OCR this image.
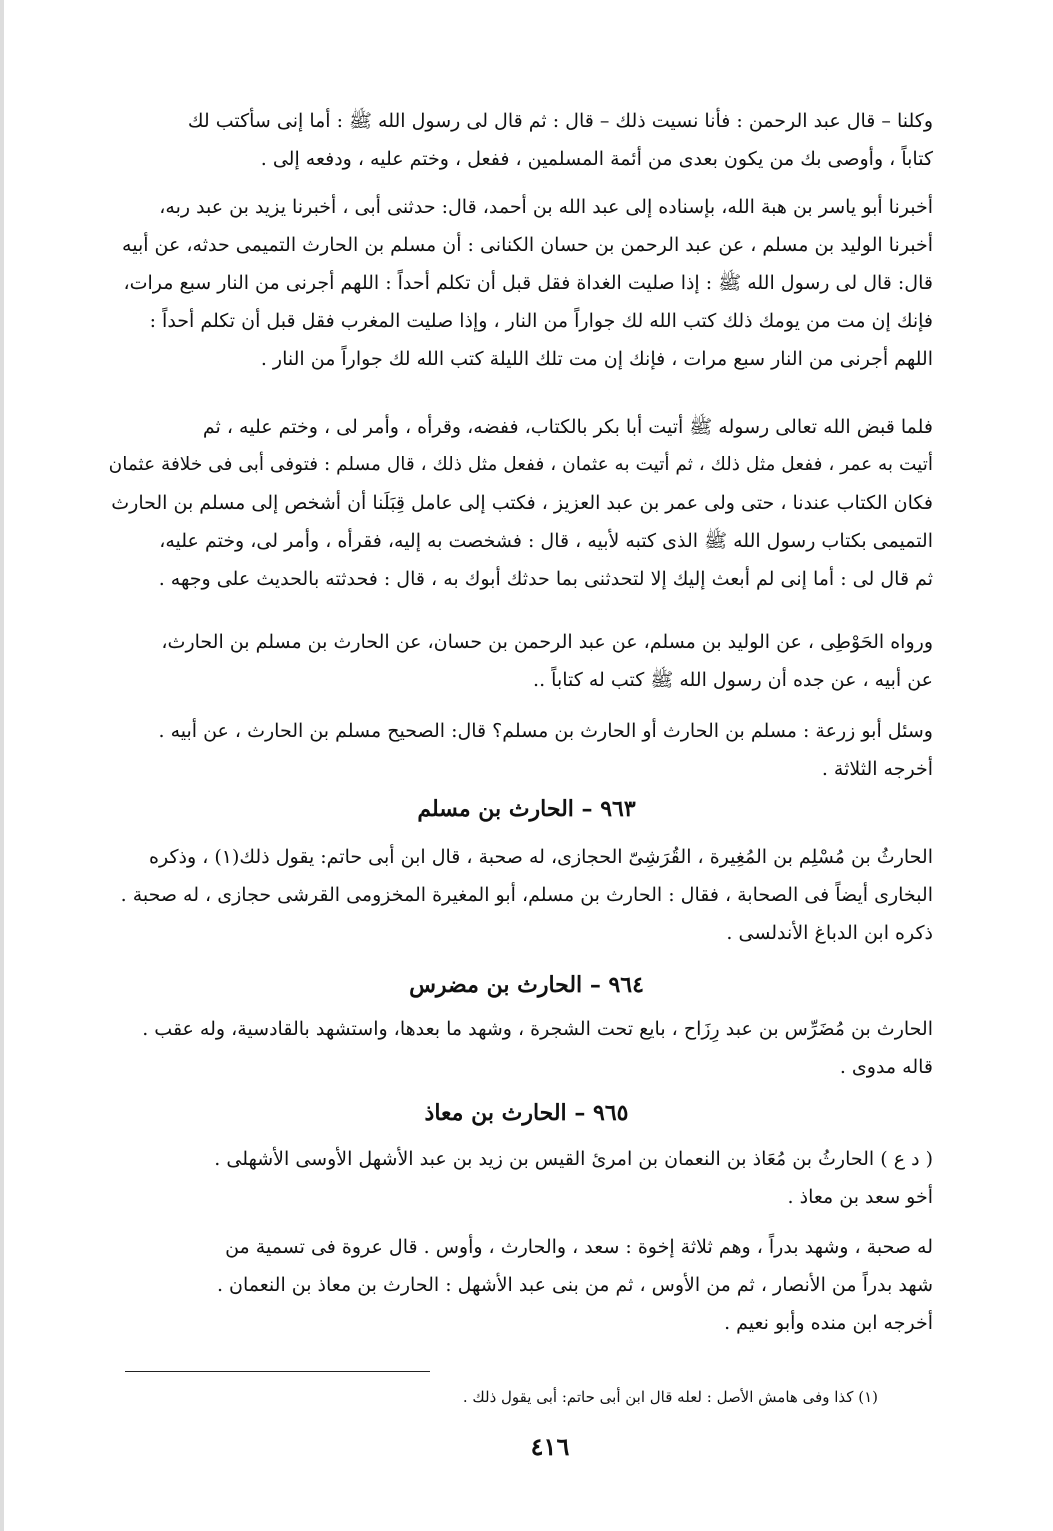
وكلنا – قال عبد الرحمن : فأنا نسيت ذلك – قال : ثم قال لى رسول الله ﷺ : أما إنى سأكتب لك
كتاباً ، وأوصى بك من يكون بعدى من أئمة المسلمين ، ففعل ، وختم عليه ، ودفعه إلى .
أخبرنا أبو ياسر بن هبة الله، بإسناده إلى عبد الله بن أحمد، قال: حدثنى أبى ، أخبرنا يزيد بن عبد ربه،
أخبرنا الوليد بن مسلم ، عن عبد الرحمن بن حسان الكنانى : أن مسلم بن الحارث التميمى حدثه، عن أبيه
قال: قال لى رسول الله ﷺ : إذا صليت الغداة فقل قبل أن تكلم أحداً : اللهم أجرنى من النار سبع مرات،
فإنك إن مت من يومك ذلك كتب الله لك جواراً من النار ، وإذا صليت المغرب فقل قبل أن تكلم أحداً :
اللهم أجرنى من النار سبع مرات ، فإنك إن مت تلك الليلة كتب الله لك جواراً من النار .
فلما قبض الله تعالى رسوله ﷺ أتيت أبا بكر بالكتاب، ففضه، وقرأه ، وأمر لى ، وختم عليه ، ثم
أتيت به عمر ، ففعل مثل ذلك ، ثم أتيت به عثمان ، ففعل مثل ذلك ، قال مسلم : فتوفى أبى فى خلافة عثمان
فكان الكتاب عندنا ، حتى ولى عمر بن عبد العزيز ، فكتب إلى عامل قِبَلَنا أن أشخص إلى مسلم بن الحارث
التميمى بكتاب رسول الله ﷺ الذى كتبه لأبيه ، قال : فشخصت به إليه، فقرأه ، وأمر لى، وختم عليه،
ثم قال لى : أما إنى لم أبعث إليك إلا لتحدثنى بما حدثك أبوك به ، قال : فحدثته بالحديث على وجهه .
ورواه الحَوْطِى ، عن الوليد بن مسلم، عن عبد الرحمن بن حسان، عن الحارث بن مسلم بن الحارث،
عن أبيه ، عن جده أن رسول الله ﷺ كتب له كتاباً ..
وسئل أبو زرعة : مسلم بن الحارث أو الحارث بن مسلم؟ قال: الصحيح مسلم بن الحارث ، عن أبيه .
أخرجه الثلاثة .
٩٦٣ – الحارث بن مسلم
الحارثُ بن مُسْلِم بن المُغِيرة ، القُرَشِىّ الحجازى، له صحبة ، قال ابن أبى حاتم: يقول ذلك(١) ، وذكره
البخارى أيضاً فى الصحابة ، فقال : الحارث بن مسلم، أبو المغيرة المخزومى القرشى حجازى ، له صحبة .
ذكره ابن الدباغ الأندلسى .
٩٦٤ – الحارث بن مضرس
الحارث بن مُضَرِّس بن عبد رِزَاح ، بايع تحت الشجرة ، وشهد ما بعدها، واستشهد بالقادسية، وله عقب .
قاله مدوى .
٩٦٥ – الحارث بن معاذ
( د ع ) الحارثُ بن مُعَاذ بن النعمان بن امرئ القيس بن زيد بن عبد الأشهل الأوسى الأشهلى .
أخو سعد بن معاذ .
له صحبة ، وشهد بدراً ، وهم ثلاثة إخوة : سعد ، والحارث ، وأوس . قال عروة فى تسمية من
شهد بدراً من الأنصار ، ثم من الأوس ، ثم من بنى عبد الأشهل : الحارث بن معاذ بن النعمان .
أخرجه ابن منده وأبو نعيم .
(١) كذا وفى هامش الأصل : لعله قال ابن أبى حاتم: أبى يقول ذلك .
٤١٦
